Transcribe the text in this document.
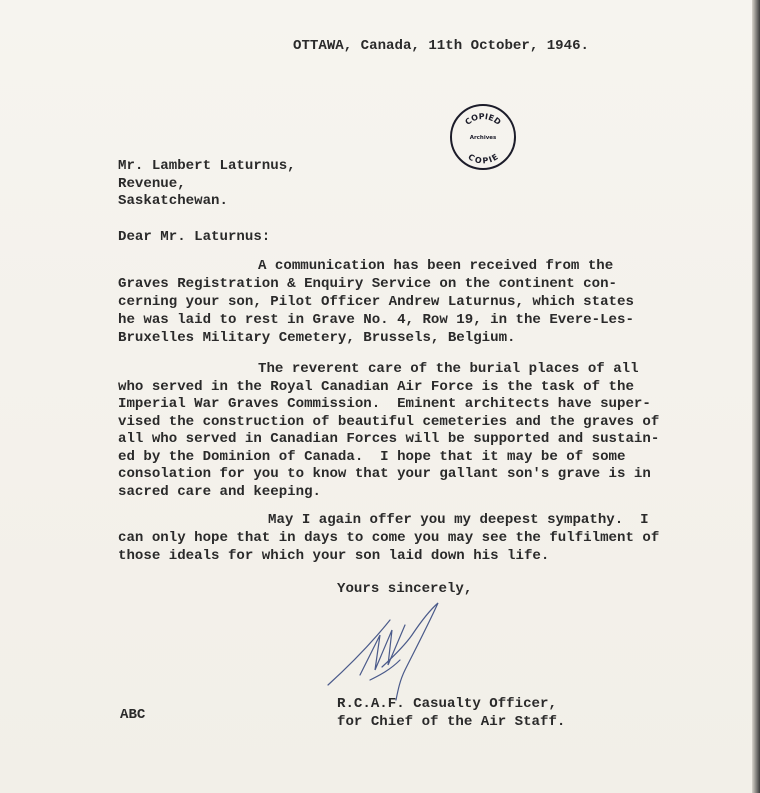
OTTAWA, Canada, 11th October, 1946.
COPIED
Archives
COPIE
Mr. Lambert Laturnus,
Revenue,
Saskatchewan.
Dear Mr. Laturnus:
A communication has been received from the
Graves Registration & Enquiry Service on the continent con-
cerning your son, Pilot Officer Andrew Laturnus, which states
he was laid to rest in Grave No. 4, Row 19, in the Evere-Les-
Bruxelles Military Cemetery, Brussels, Belgium.
The reverent care of the burial places of all
who served in the Royal Canadian Air Force is the task of the
Imperial War Graves Commission.  Eminent architects have super-
vised the construction of beautiful cemeteries and the graves of
all who served in Canadian Forces will be supported and sustain-
ed by the Dominion of Canada.  I hope that it may be of some
consolation for you to know that your gallant son's grave is in
sacred care and keeping.
May I again offer you my deepest sympathy.  I
can only hope that in days to come you may see the fulfilment of
those ideals for which your son laid down his life.
Yours sincerely,
R.C.A.F. Casualty Officer,
for Chief of the Air Staff.
ABC
